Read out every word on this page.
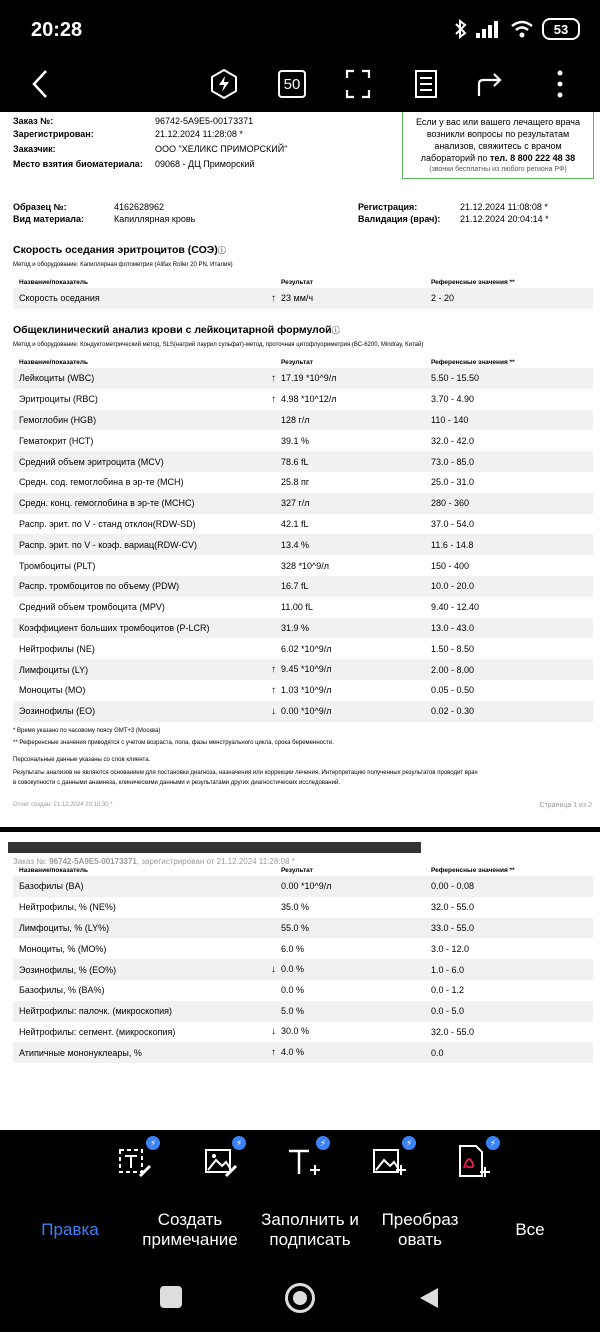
20:28	53
50
Заказ №:	96742-5A9E5-00173371
Зарегистрирован:	21.12.2024 11:28:08 *
Заказчик:	ООО "ХЕЛИКС ПРИМОРСКИЙ"
Место взятия биоматериала: 09068 - ДЦ Приморский
Если у вас или вашего лечащего врача
возникли вопросы по результатам
анализов, свяжитесь с врачом
лабораторий по тел. 8 800 222 48 38
(звонки бесплатны из любого региона РФ)
Образец №:	4162628962
Вид материала:	Капиллярная кровь
Регистрация:	21.12.2024 11:08:08 *
Валидация (врач): 21.12.2024 20:04:14 *
Скорость оседания эритроцитов (СОЭ)ⓘ
Метод и оборудование: Капиллярная фотометрия (Alifax Roller 20 PN, Италия)
Название/показатель	Результат	Референсные значения **
Скорость оседания	↑ 23 мм/ч	2 - 20
Общеклинический анализ крови с лейкоцитарной формулойⓘ
Метод и оборудование: Кондуктометрический метод, SLS(натрий лаурил сульфат)-метод, проточная цитофлуориметрия (BC-6200, Mindray, Китай)
Название/показатель	Результат	Референсные значения **
Лейкоциты (WBC)	↑ 17.19 *10^9/л	5.50 - 15.50
Эритроциты (RBC)	↑ 4.98 *10^12/л	3.70 - 4.90
Гемоглобин (HGB)	128 г/л	110 - 140
Гематокрит (HCT)	39.1 %	32.0 - 42.0
Средний объем эритроцита (MCV)	78.6 fL	73.0 - 85.0
Средн. сод. гемоглобина в эр-те (MCH)	25.8 пг	25.0 - 31.0
Средн. конц. гемоглобина в эр-те (MCHC)	327 г/л	280 - 360
Распр. эрит. по V - станд отклон(RDW-SD)	42.1 fL	37.0 - 54.0
Распр. эрит. по V - коэф. вариац(RDW-CV)	13.4 %	11.6 - 14.8
Тромбоциты (PLT)	328 *10^9/л	150 - 400
Распр. тромбоцитов по объему (PDW)	16.7 fL	10.0 - 20.0
Средний объем тромбоцита (MPV)	11.00 fL	9.40 - 12.40
Коэффициент больших тромбоцитов (P-LCR)	31.9 %	13.0 - 43.0
Нейтрофилы (NE)	6.02 *10^9/л	1.50 - 8.50
Лимфоциты (LY)	↑ 9.45 *10^9/л	2.00 - 8.00
Моноциты (MO)	↑ 1.03 *10^9/л	0.05 - 0.50
Эозинофилы (EO)	↓ 0.00 *10^9/л	0.02 - 0.30
* Время указано по часовому поясу GMT+3 (Москва)
** Референсные значения приводятся с учетом возраста, пола, фазы менструального цикла, срока беременности.
Персональные данные указаны со слов клиента.
Результаты анализов не являются основанием для постановки диагноза, назначения или коррекции лечения. Интерпретацию полученных результатов проводит врач
в совокупности с данными анамнеза, клиническими данными и результатами других диагностических исследований.
Отчет создан: 21.12.2024 20:10:30 *	Страница 1 из 2
Заказ №: 96742-5A9E5-00173371, зарегистрирован от 21.12.2024 11:28:08 *
Название/показатель	Результат	Референсные значения **
Базофилы (BA)	0.00 *10^9/л	0.00 - 0.08
Нейтрофилы, % (NE%)	35.0 %	32.0 - 55.0
Лимфоциты, % (LY%)	55.0 %	33.0 - 55.0
Моноциты, % (MO%)	6.0 %	3.0 - 12.0
Эозинофилы, % (EO%)	↓ 0.0 %	1.0 - 6.0
Базофилы, % (BA%)	0.0 %	0.0 - 1.2
Нейтрофилы: палочк. (микроскопия)	5.0 %	0.0 - 5.0
Нейтрофилы: сегмент. (микроскопия)	↓ 30.0 %	32.0 - 55.0
Атипичные мононуклеары, %	↑ 4.0 %	0.0
⚡	⚡	⚡	⚡	⚡
Правка
Создать
примечание
Заполнить и
подписать
Преобраз
овать
Все
